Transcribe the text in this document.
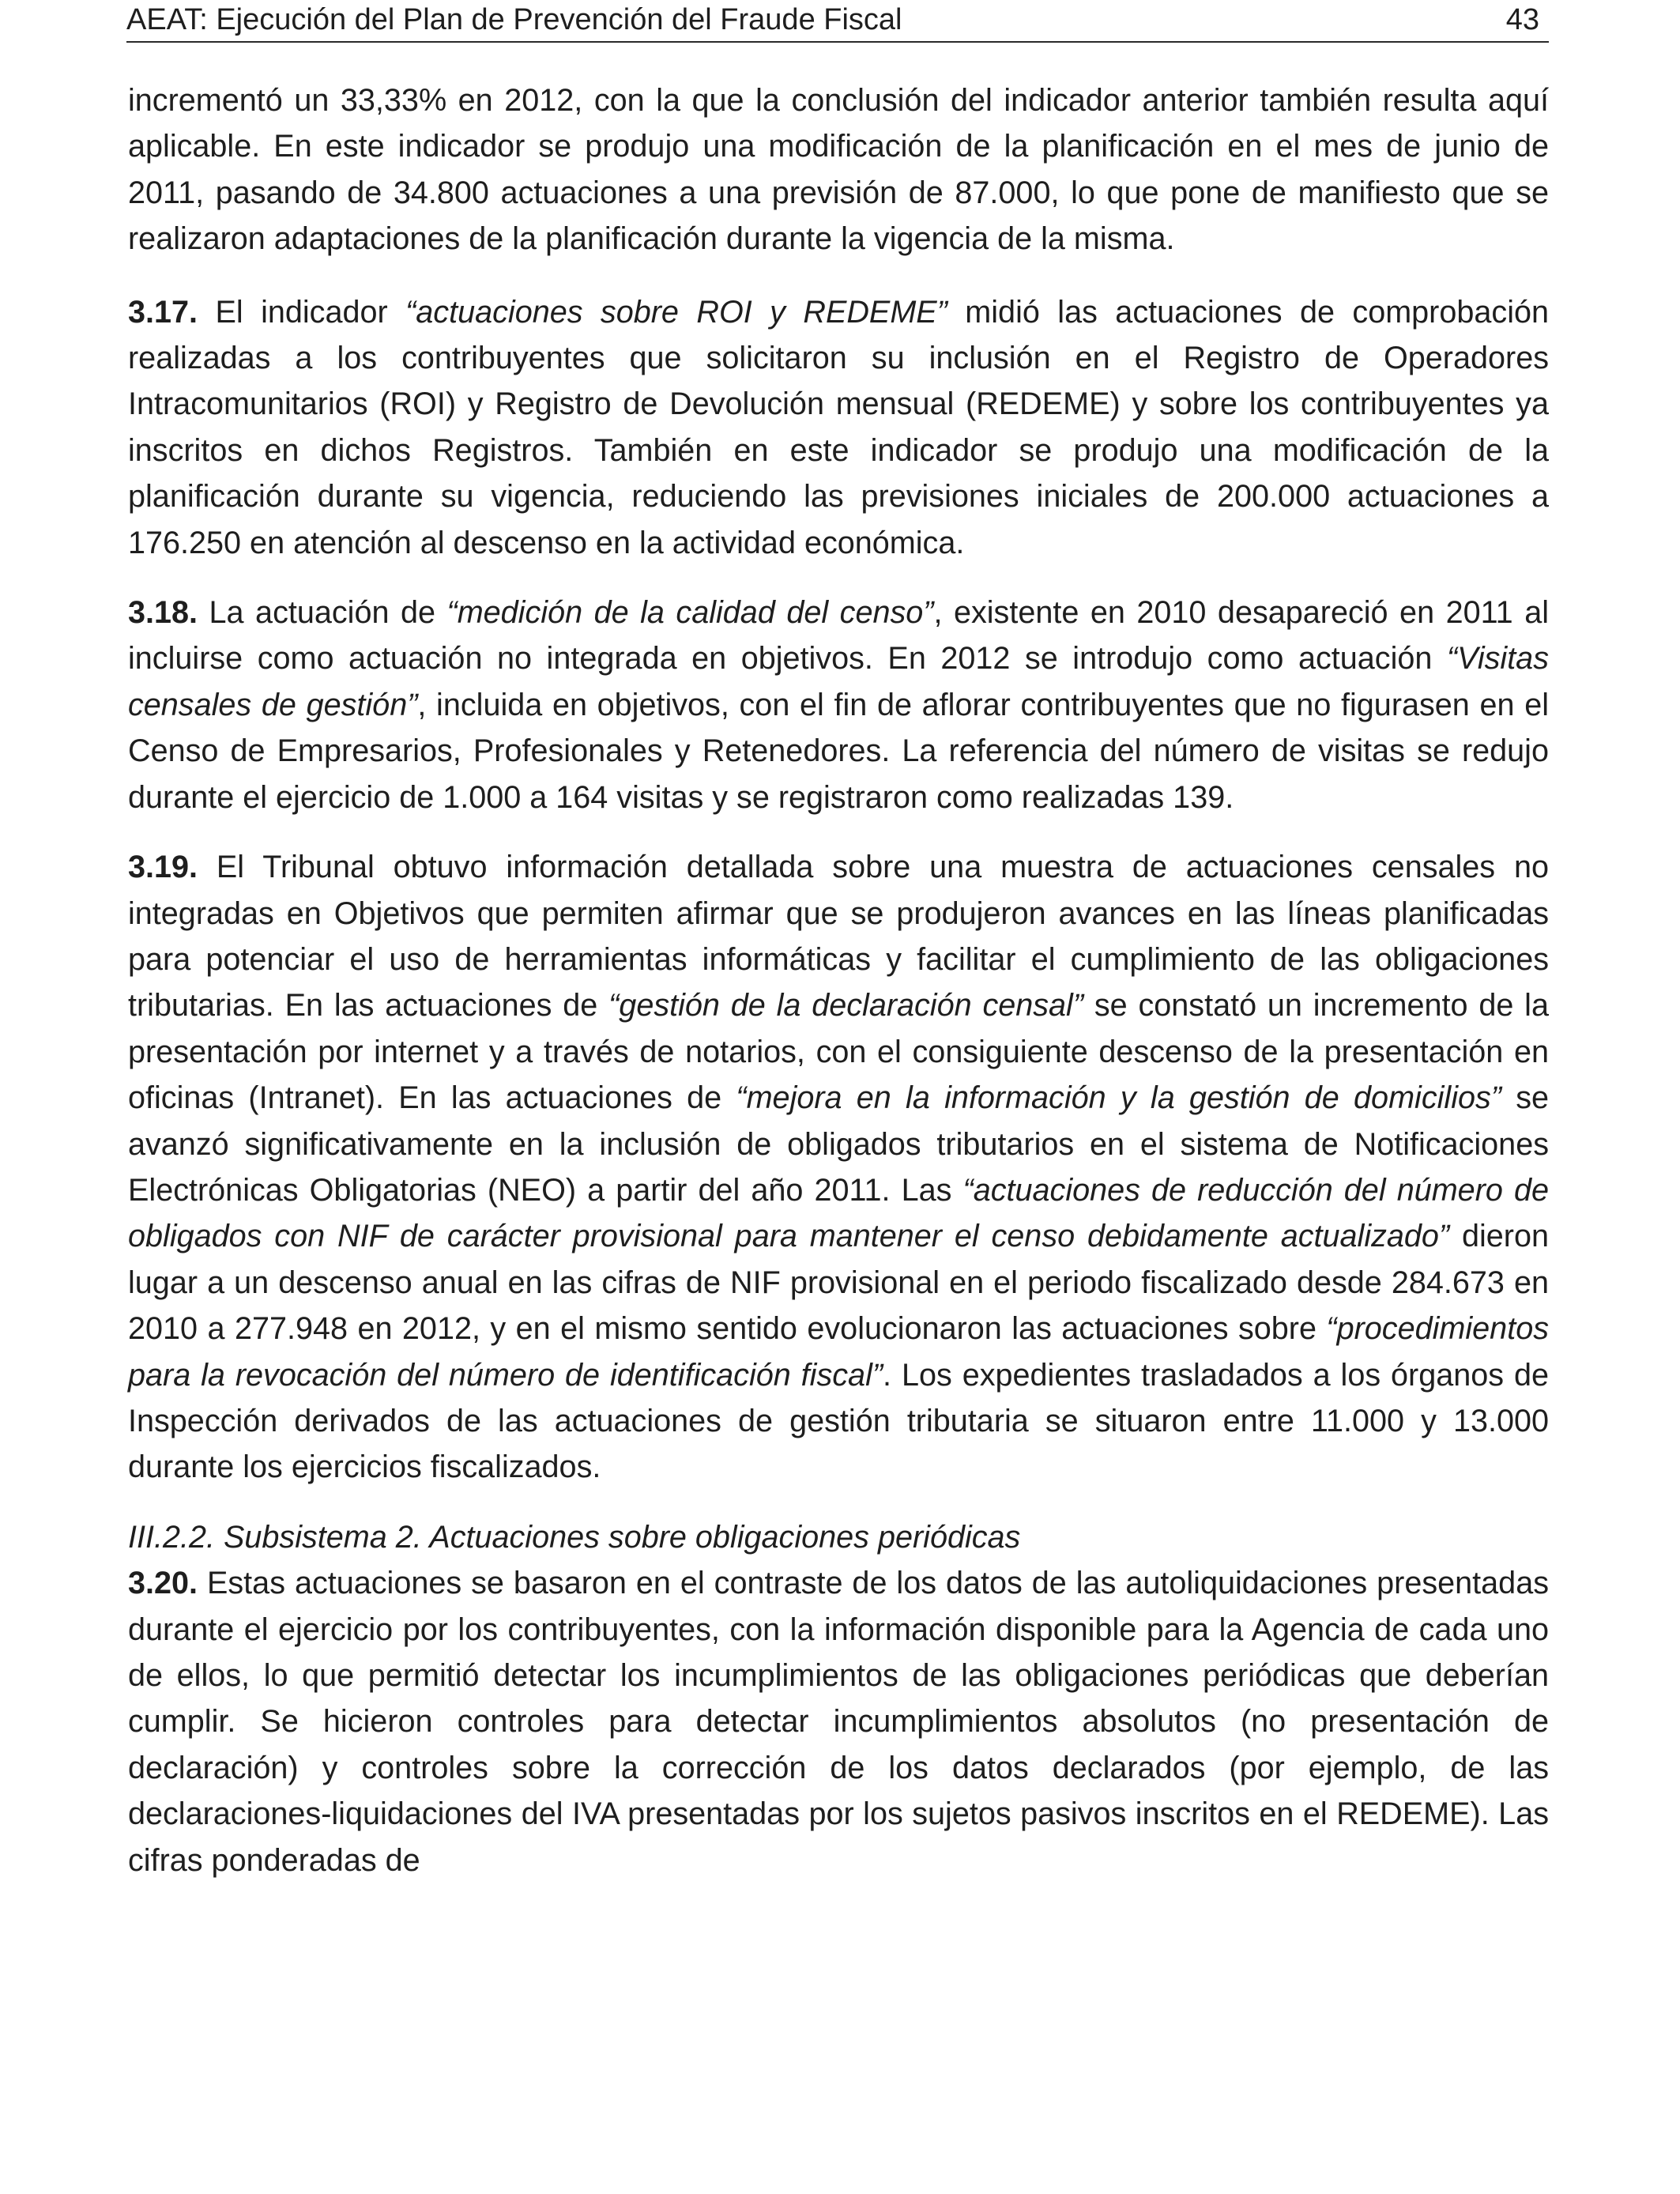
AEAT: Ejecución del Plan de Prevención del Fraude Fiscal	43

incrementó un 33,33% en 2012, con la que la conclusión del indicador anterior también resulta aquí aplicable. En este indicador se produjo una modificación de la planificación en el mes de junio de 2011, pasando de 34.800 actuaciones a una previsión de 87.000, lo que pone de manifiesto que se realizaron adaptaciones de la planificación durante la vigencia de la misma.

3.17. El indicador “actuaciones sobre ROI y REDEME” midió las actuaciones de comprobación realizadas a los contribuyentes que solicitaron su inclusión en el Registro de Operadores Intracomunitarios (ROI) y Registro de Devolución mensual (REDEME) y sobre los contribuyentes ya inscritos en dichos Registros. También en este indicador se produjo una modificación de la planificación durante su vigencia, reduciendo las previsiones iniciales de 200.000 actuaciones a 176.250 en atención al descenso en la actividad económica.

3.18. La actuación de “medición de la calidad del censo”, existente en 2010 desapareció en 2011 al incluirse como actuación no integrada en objetivos. En 2012 se introdujo como actuación “Visitas censales de gestión”, incluida en objetivos, con el fin de aflorar contribuyentes que no figurasen en el Censo de Empresarios, Profesionales y Retenedores. La referencia del número de visitas se redujo durante el ejercicio de 1.000 a 164 visitas y se registraron como realizadas 139.

3.19. El Tribunal obtuvo información detallada sobre una muestra de actuaciones censales no integradas en Objetivos que permiten afirmar que se produjeron avances en las líneas planificadas para potenciar el uso de herramientas informáticas y facilitar el cumplimiento de las obligaciones tributarias. En las actuaciones de “gestión de la declaración censal” se constató un incremento de la presentación por internet y a través de notarios, con el consiguiente descenso de la presentación en oficinas (Intranet). En las actuaciones de “mejora en la información y la gestión de domicilios” se avanzó significativamente en la inclusión de obligados tributarios en el sistema de Notificaciones Electrónicas Obligatorias (NEO) a partir del año 2011. Las “actuaciones de reducción del número de obligados con NIF de carácter provisional para mantener el censo debidamente actualizado” dieron lugar a un descenso anual en las cifras de NIF provisional en el periodo fiscalizado desde 284.673 en 2010 a 277.948 en 2012, y en el mismo sentido evolucionaron las actuaciones sobre “procedimientos para la revocación del número de identificación fiscal”. Los expedientes trasladados a los órganos de Inspección derivados de las actuaciones de gestión tributaria se situaron entre 11.000 y 13.000 durante los ejercicios fiscalizados.

III.2.2. Subsistema 2. Actuaciones sobre obligaciones periódicas

3.20. Estas actuaciones se basaron en el contraste de los datos de las autoliquidaciones presentadas durante el ejercicio por los contribuyentes, con la información disponible para la Agencia de cada uno de ellos, lo que permitió detectar los incumplimientos de las obligaciones periódicas que deberían cumplir. Se hicieron controles para detectar incumplimientos absolutos (no presentación de declaración) y controles sobre la corrección de los datos declarados (por ejemplo, de las declaraciones-liquidaciones del IVA presentadas por los sujetos pasivos inscritos en el REDEME). Las cifras ponderadas de
